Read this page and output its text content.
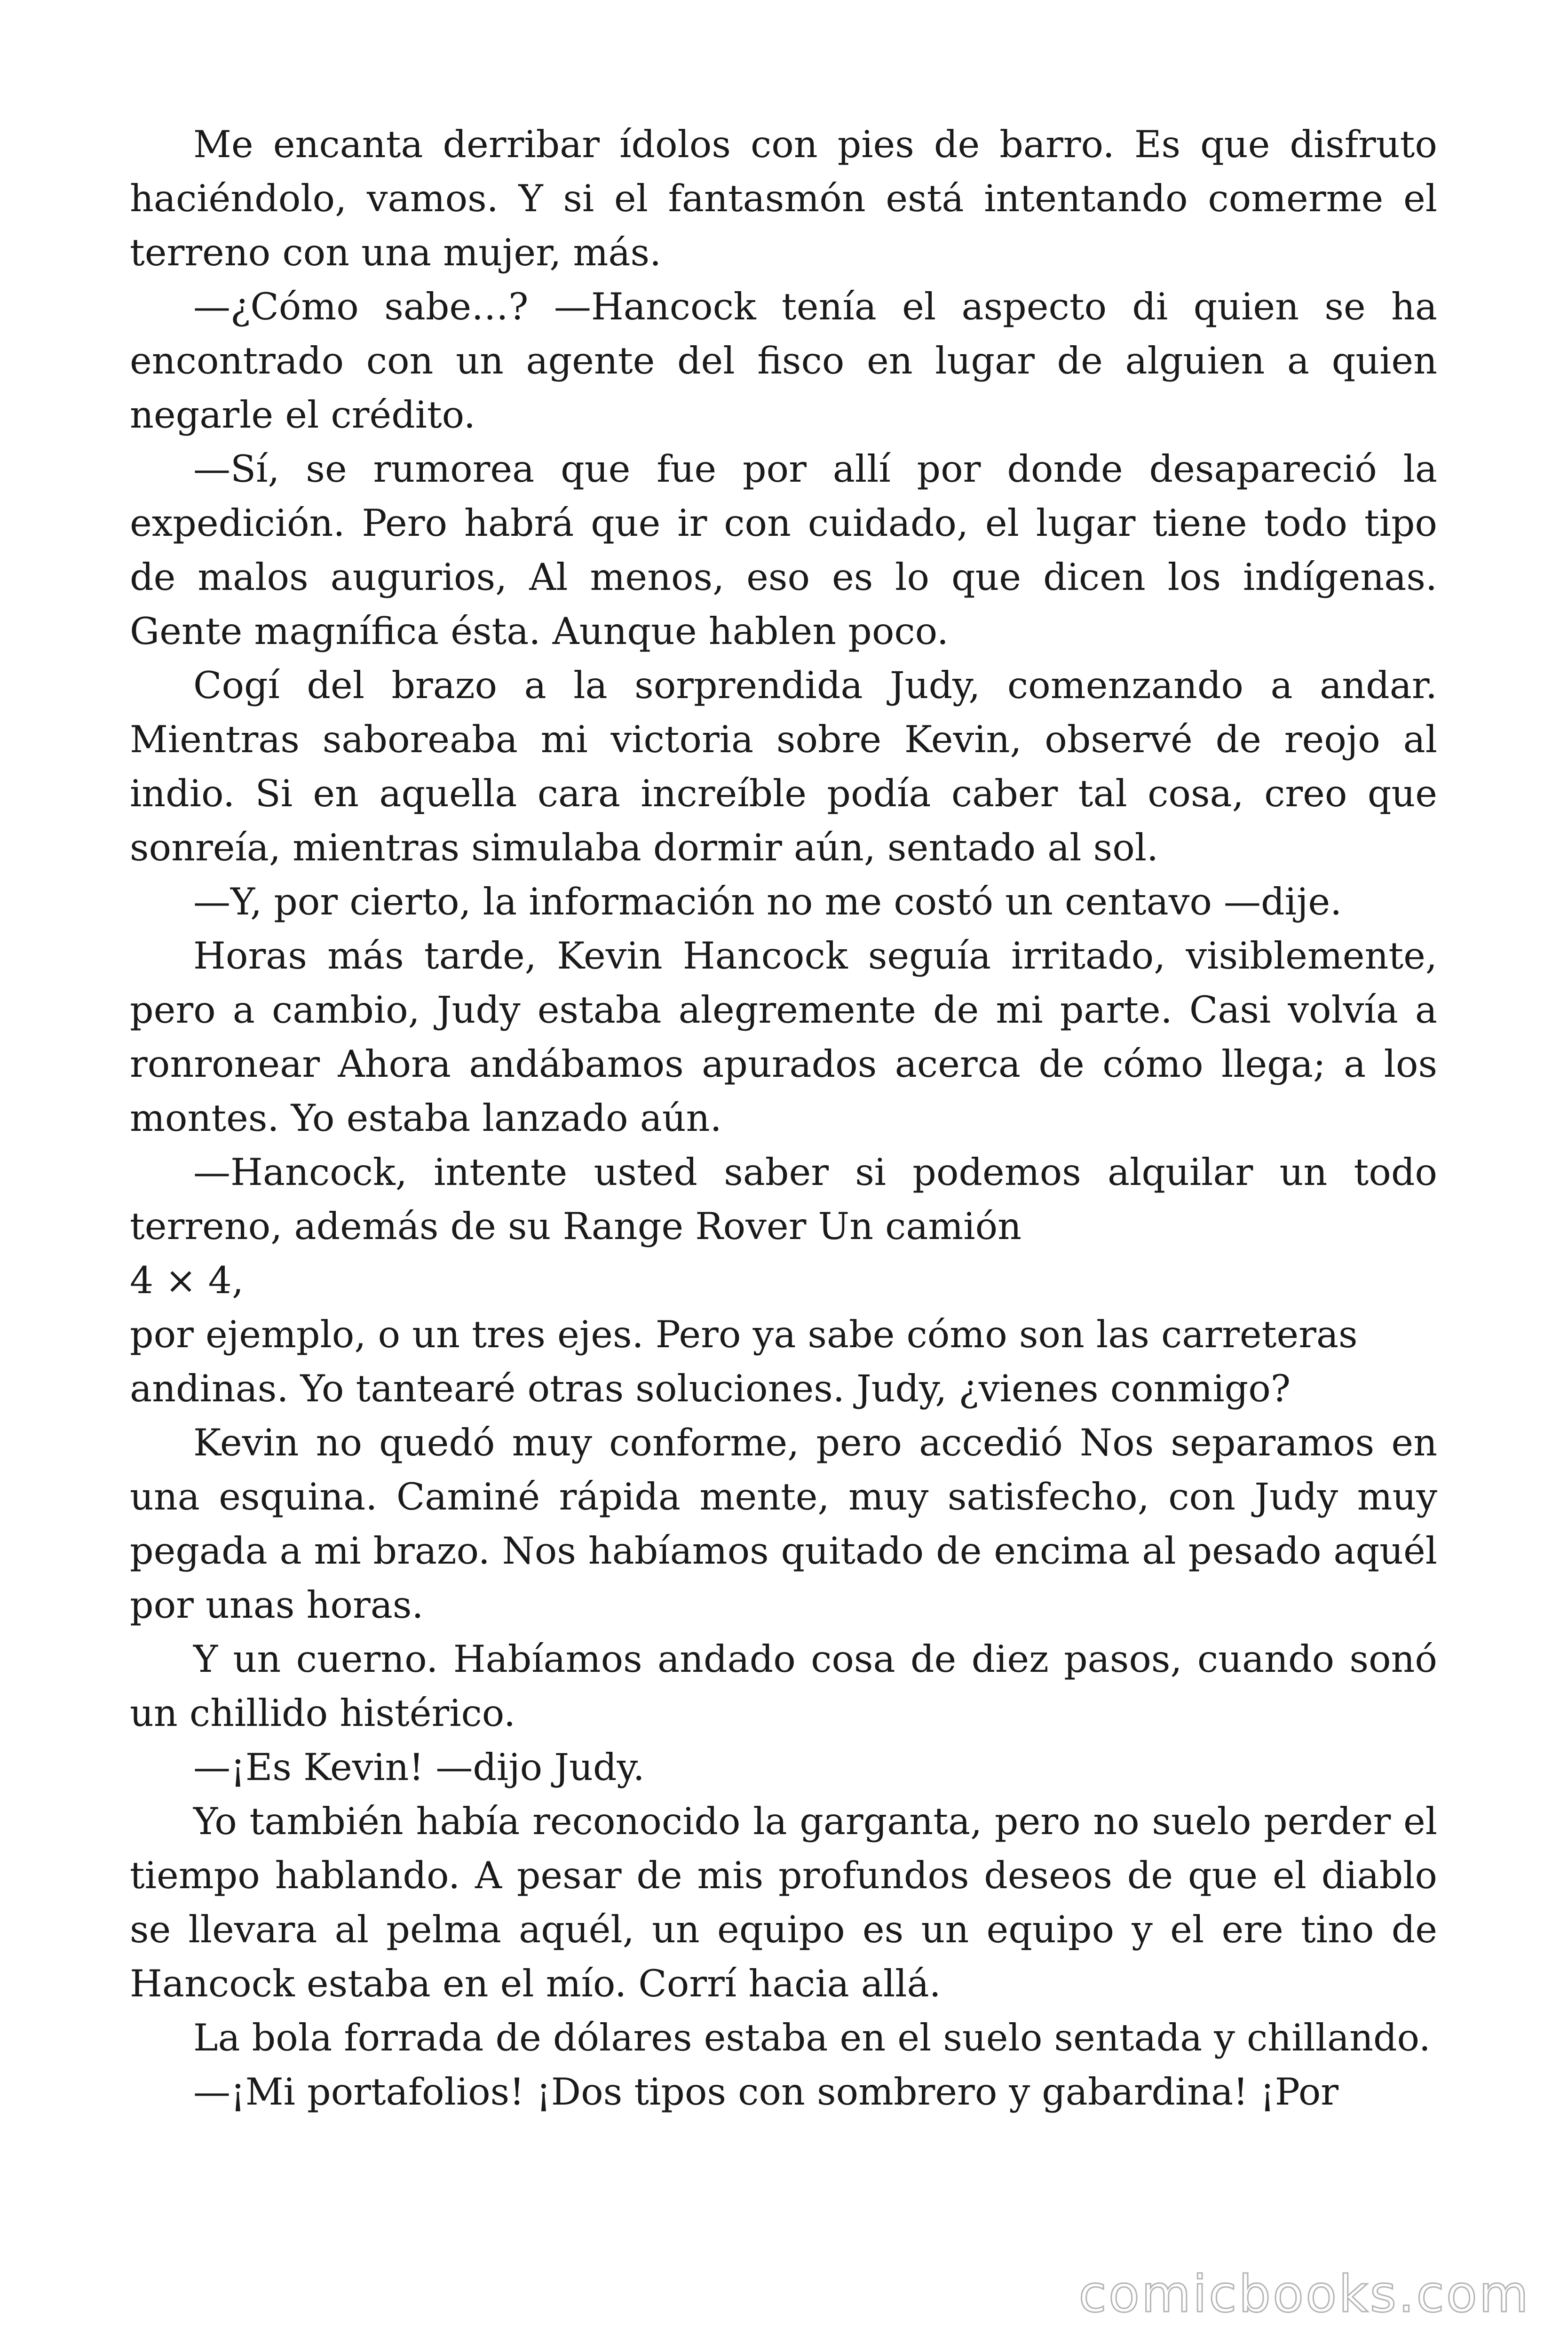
Me encanta derribar ídolos con pies de barro. Es que disfruto haciéndolo, vamos. Y si el fantasmón está intentando comerme el terreno con una mujer, más.

—¿Cómo sabe…? —Hancock tenía el aspecto di quien se ha encontrado con un agente del fisco en lugar de alguien a quien negarle el crédito.

—Sí, se rumorea que fue por allí por donde desapareció la expedición. Pero habrá que ir con cuidado, el lugar tiene todo tipo de malos augurios, Al menos, eso es lo que dicen los indígenas. Gente magnífica ésta. Aunque hablen poco.

Cogí del brazo a la sorprendida Judy, comenzando a andar. Mientras saboreaba mi victoria sobre Kevin, observé de reojo al indio. Si en aquella cara increíble podía caber tal cosa, creo que sonreía, mientras simulaba dormir aún, sentado al sol.

—Y, por cierto, la información no me costó un centavo —dije.

Horas más tarde, Kevin Hancock seguía irritado, visiblemente, pero a cambio, Judy estaba alegremente de mi parte. Casi volvía a ronronear Ahora andábamos apurados acerca de cómo llega; a los montes. Yo estaba lanzado aún.

—Hancock, intente usted saber si podemos alquilar un todo terreno, además de su Range Rover Un camión

4 × 4,

por ejemplo, o un tres ejes. Pero ya sabe cómo son las carreteras andinas. Yo tantearé otras soluciones. Judy, ¿vienes conmigo?

Kevin no quedó muy conforme, pero accedió Nos separamos en una esquina. Caminé rápida mente, muy satisfecho, con Judy muy pegada a mi brazo. Nos habíamos quitado de encima al pesado aquél por unas horas.

Y un cuerno. Habíamos andado cosa de diez pasos, cuando sonó un chillido histérico.

—¡Es Kevin! —dijo Judy.

Yo también había reconocido la garganta, pero no suelo perder el tiempo hablando. A pesar de mis profundos deseos de que el diablo se llevara al pelma aquél, un equipo es un equipo y el ere tino de Hancock estaba en el mío. Corrí hacia allá.

La bola forrada de dólares estaba en el suelo sentada y chillando.

—¡Mi portafolios! ¡Dos tipos con sombrero y gabardina! ¡Por

comicbooks.com
